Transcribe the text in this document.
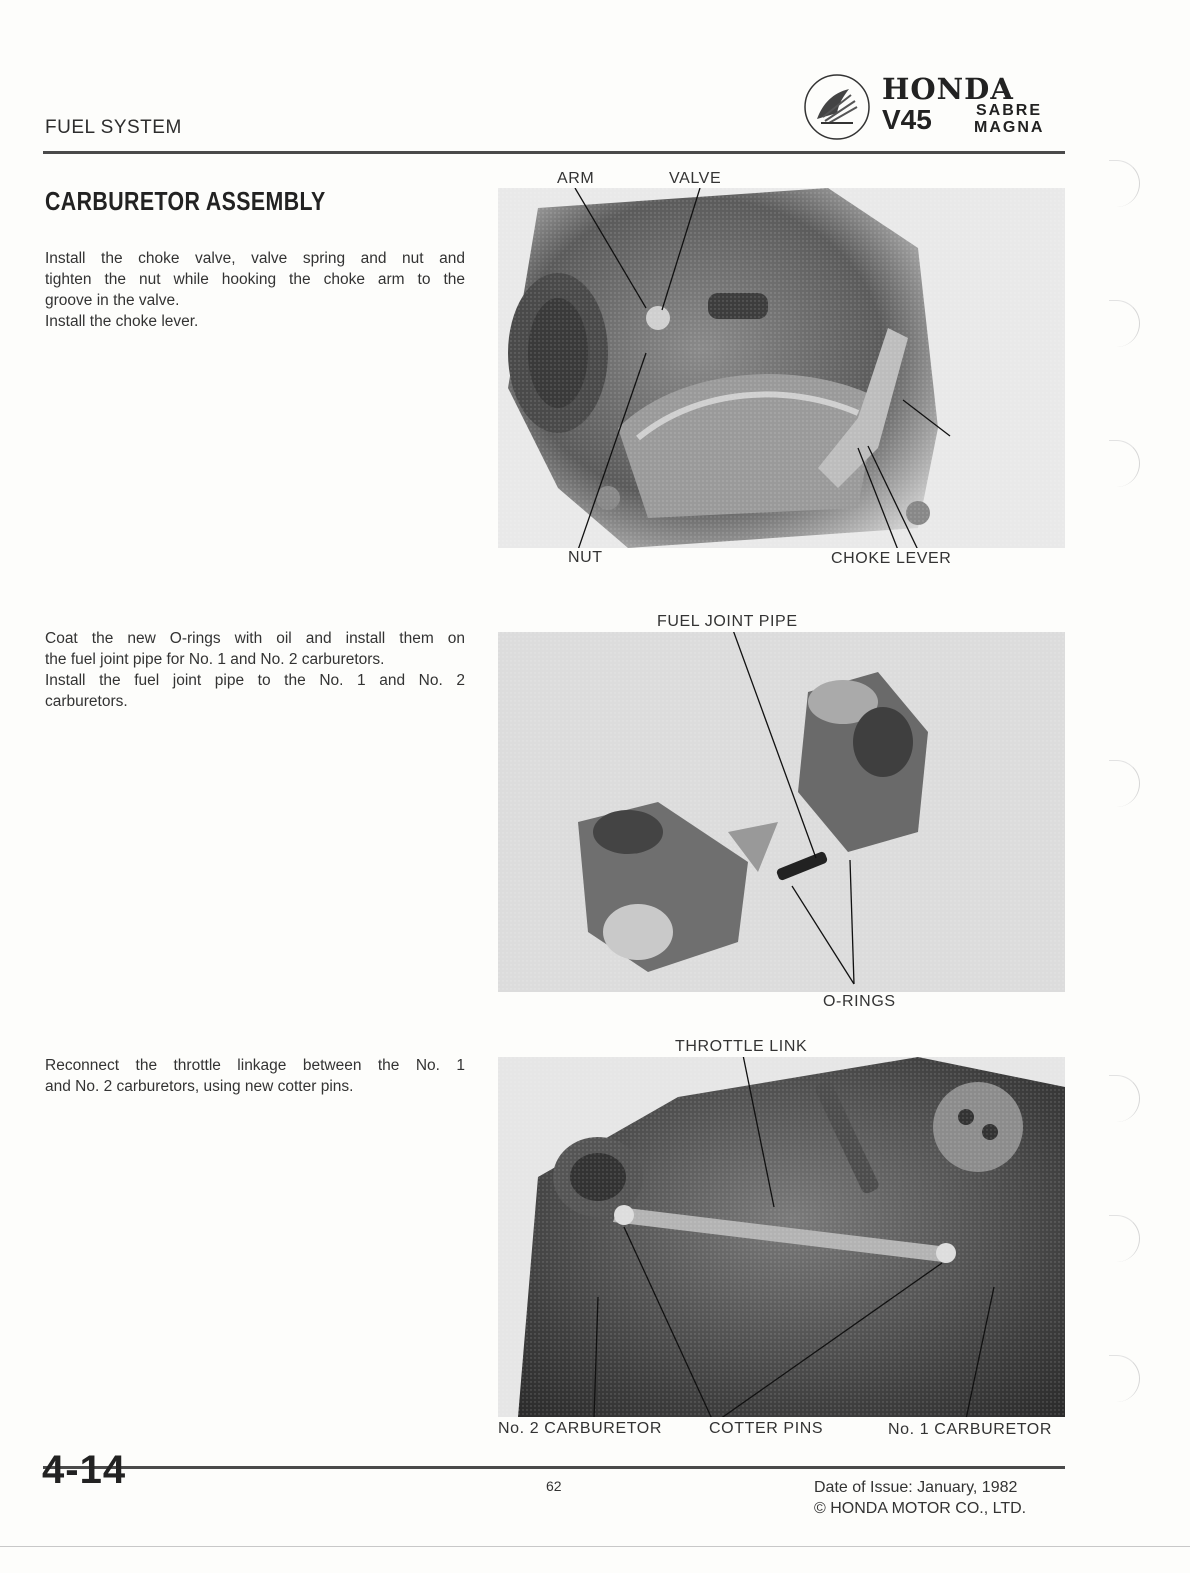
FUEL SYSTEM
HONDA
V45	SABRE
MAGNA
CARBURETOR ASSEMBLY

Install the choke valve, valve spring and nut and

tighten the nut while hooking the choke arm to the

groove in the valve.

Install the choke lever.

ARM	VALVE
NUT	CHOKE LEVER

Coat the new O-rings with oil and install them on

the fuel joint pipe for No. 1 and No. 2 carburetors.

Install the fuel joint pipe to the No. 1 and No. 2

carburetors.

FUEL JOINT PIPE
O-RINGS

Reconnect the throttle linkage between the No. 1

and No. 2 carburetors, using new cotter pins.

THROTTLE LINK
No. 2 CARBURETOR	COTTER PINS	No. 1 CARBURETOR
4-14	62	Date of Issue: January, 1982
© HONDA MOTOR CO., LTD.
